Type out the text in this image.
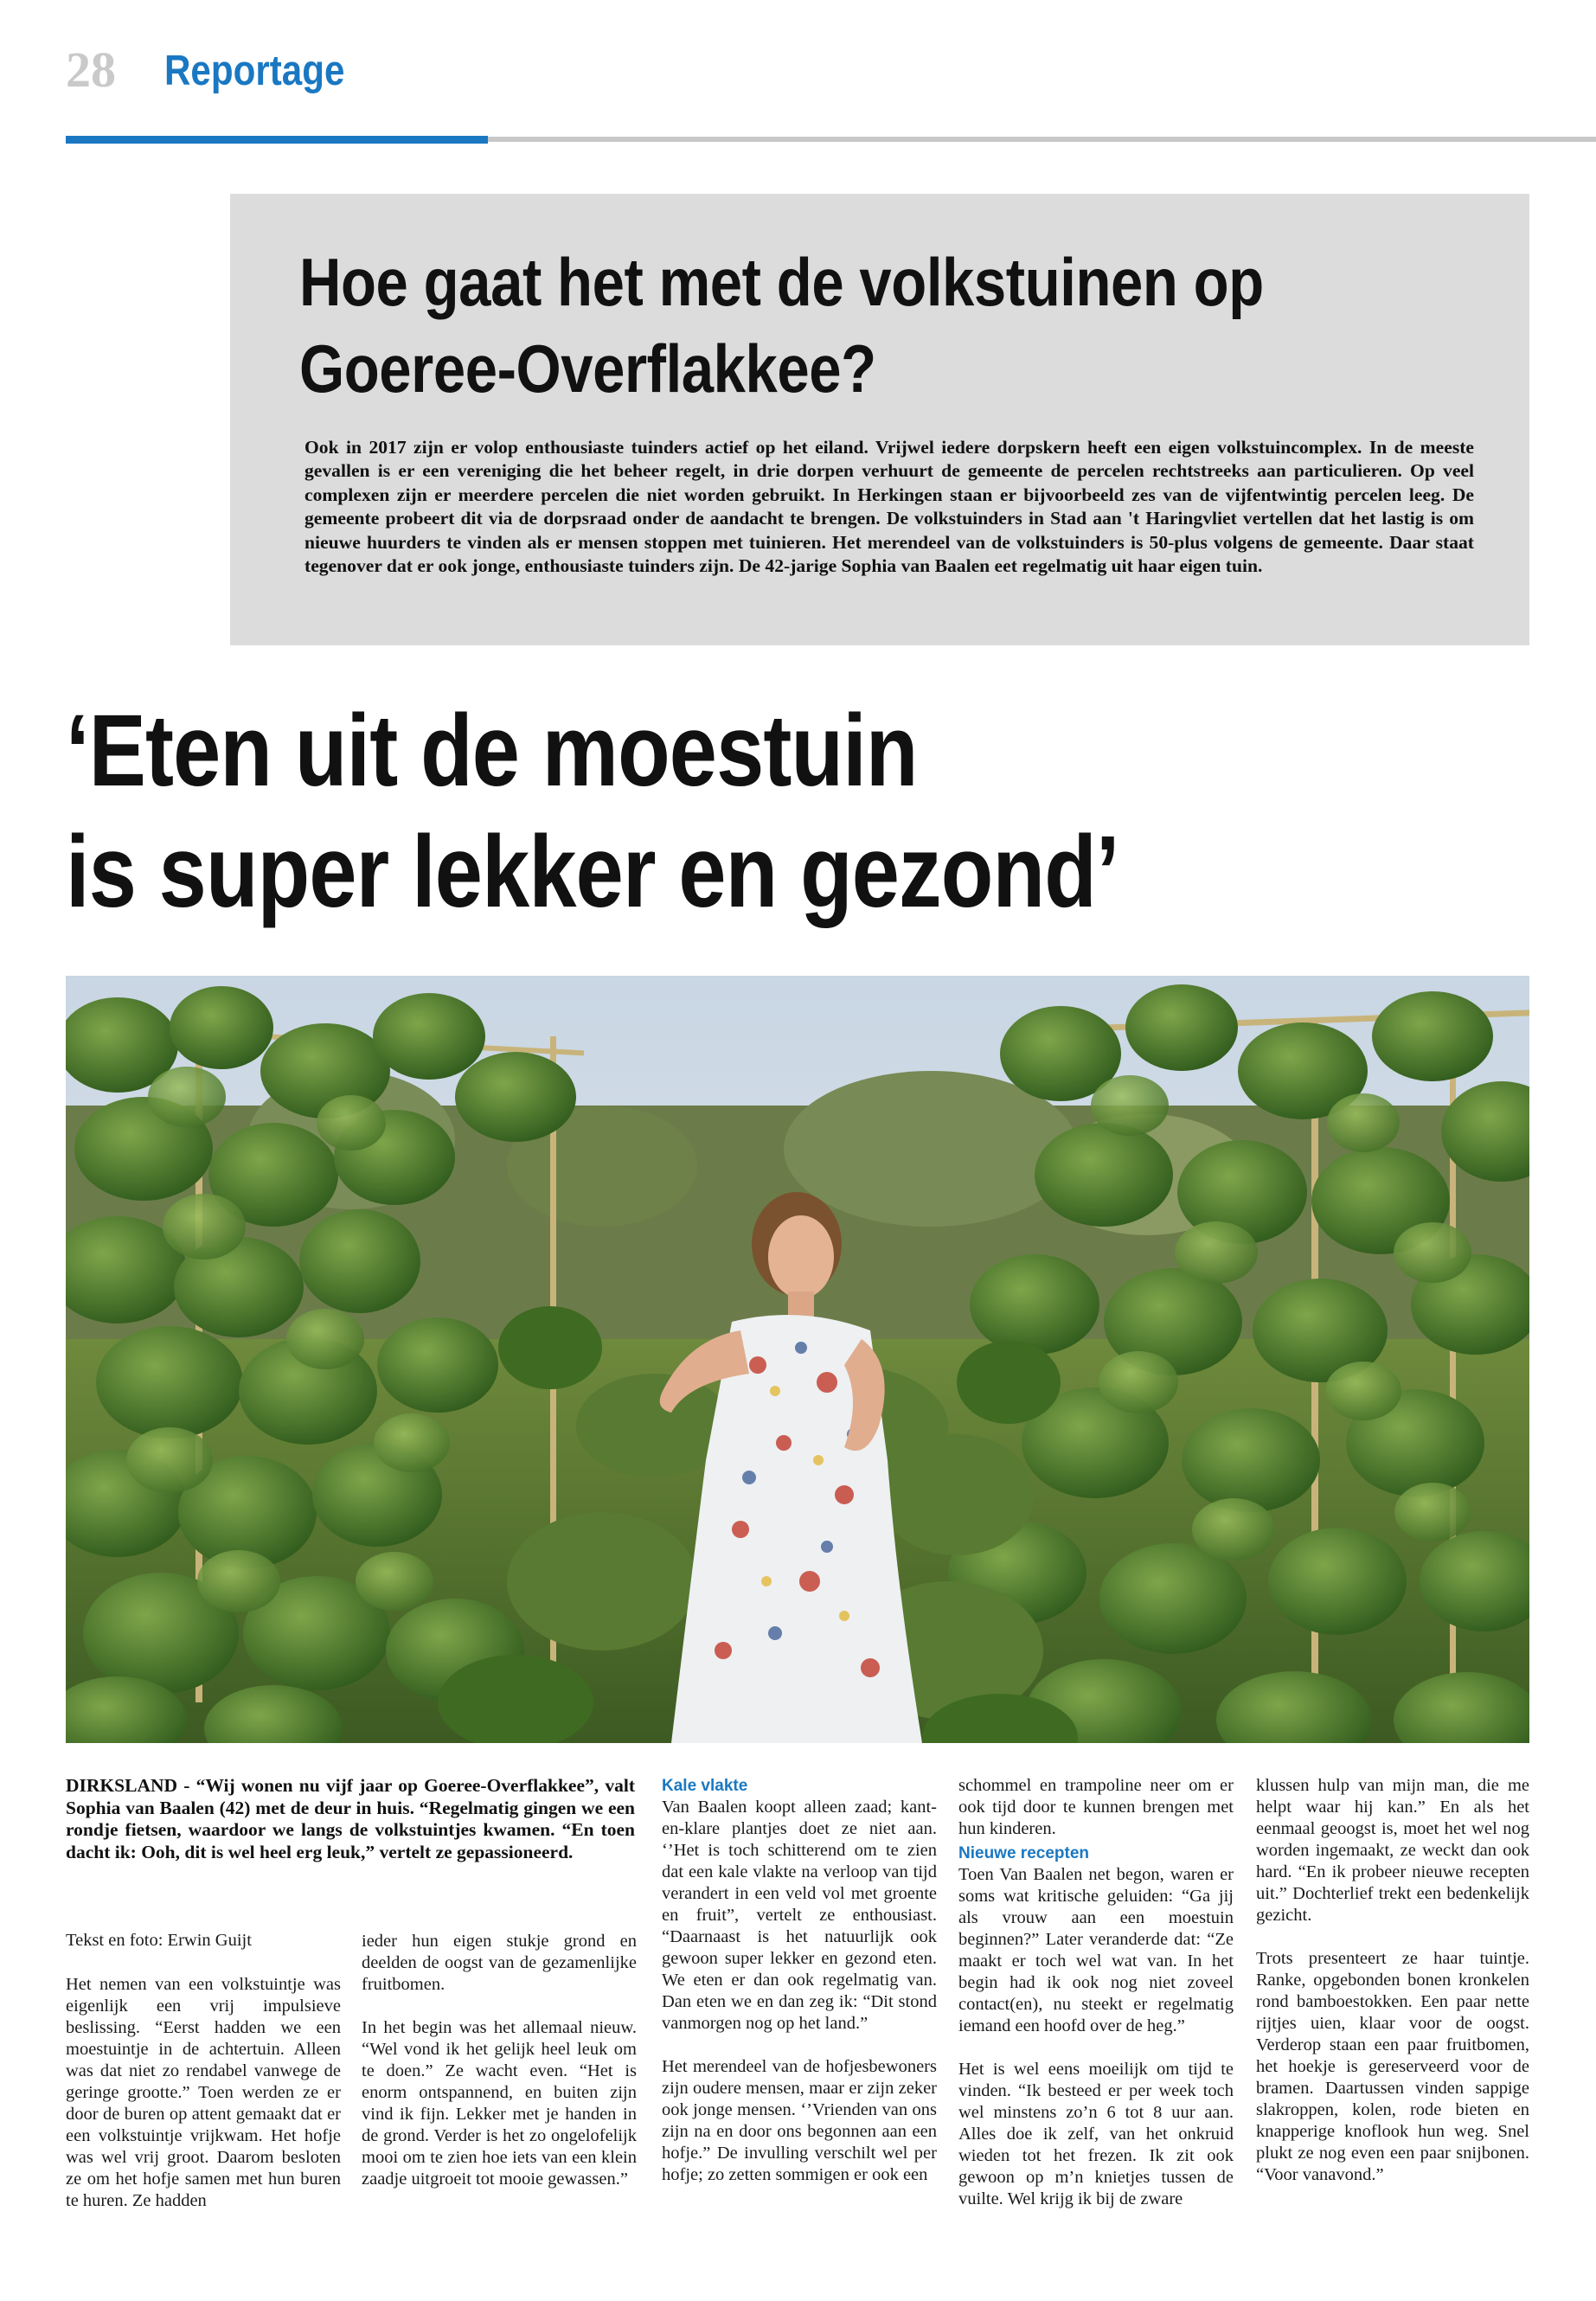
28 Reportage
Hoe gaat het met de volkstuinen op Goeree-Overflakkee?

Ook in 2017 zijn er volop enthousiaste tuinders actief op het eiland. Vrijwel iedere dorpskern heeft een eigen volkstuincomplex. In de meeste gevallen is er een vereniging die het beheer regelt, in drie dorpen verhuurt de gemeente de percelen rechtstreeks aan particulieren. Op veel complexen zijn er meerdere percelen die niet worden gebruikt. In Herkingen staan er bijvoorbeeld zes van de vijfentwintig percelen leeg. De gemeente probeert dit via de dorpsraad onder de aandacht te brengen. De volkstuinders in Stad aan 't Haringvliet vertellen dat het lastig is om nieuwe huurders te vinden als er mensen stoppen met tuinieren. Het merendeel van de volkstuinders is 50-plus volgens de gemeente. Daar staat tegenover dat er ook jonge, enthousiaste tuinders zijn. De 42-jarige Sophia van Baalen eet regelmatig uit haar eigen tuin.

‘Eten uit de moestuin
is super lekker en gezond’
DIRKSLAND - “Wij wonen nu vijf jaar op Goeree-Overflakkee”, valt Sophia van Baalen (42) met de deur in huis. “Regelmatig gingen we een rondje fietsen, waardoor we langs de volkstuintjes kwamen. “En toen dacht ik: Ooh, dit is wel heel erg leuk,” vertelt ze gepassioneerd.
Tekst en foto: Erwin Guijt

Het nemen van een volkstuintje was eigenlijk een vrij impulsieve beslissing. “Eerst hadden we een moestuintje in de achtertuin. Alleen was dat niet zo rendabel vanwege de geringe grootte.” Toen werden ze er door de buren op attent gemaakt dat er een volkstuintje vrijkwam. Het hofje was wel vrij groot. Daarom besloten ze om het hofje samen met hun buren te huren. Ze hadden

ieder hun eigen stukje grond en deelden de oogst van de gezamenlijke fruitbomen.

In het begin was het allemaal nieuw. “Wel vond ik het gelijk heel leuk om te doen.” Ze wacht even. “Het is enorm ontspannend, en buiten zijn vind ik fijn. Lekker met je handen in de grond. Verder is het zo ongelofelijk mooi om te zien hoe iets van een klein zaadje uitgroeit tot mooie gewassen.”

Kale vlakte

Van Baalen koopt alleen zaad; kant-en-klare plantjes doet ze niet aan. ‘’Het is toch schitterend om te zien dat een kale vlakte na verloop van tijd verandert in een veld vol met groente en fruit”, vertelt ze enthousiast. “Daarnaast is het natuurlijk ook gewoon super lekker en gezond eten. We eten er dan ook regelmatig van. Dan eten we en dan zeg ik: “Dit stond vanmorgen nog op het land.”

Het merendeel van de hofjesbewoners zijn oudere mensen, maar er zijn zeker ook jonge mensen. ‘’Vrienden van ons zijn na en door ons begonnen aan een hofje.” De invulling verschilt wel per hofje; zo zetten sommigen er ook een

schommel en trampoline neer om er ook tijd door te kunnen brengen met hun kinderen.

Nieuwe recepten

Toen Van Baalen net begon, waren er soms wat kritische geluiden: “Ga jij als vrouw aan een moestuin beginnen?” Later veranderde dat: “Ze maakt er toch wel wat van. In het begin had ik ook nog niet zoveel contact(en), nu steekt er regelmatig iemand een hoofd over de heg.”

Het is wel eens moeilijk om tijd te vinden. “Ik besteed er per week toch wel minstens zo’n 6 tot 8 uur aan. Alles doe ik zelf, van het onkruid wieden tot het frezen. Ik zit ook gewoon op m’n knietjes tussen de vuilte. Wel krijg ik bij de zware

klussen hulp van mijn man, die me helpt waar hij kan.” En als het eenmaal geoogst is, moet het wel nog worden ingemaakt, ze weckt dan ook hard. “En ik probeer nieuwe recepten uit.” Dochterlief trekt een bedenkelijk gezicht.

Trots presenteert ze haar tuintje. Ranke, opgebonden bonen kronkelen rond bamboestokken. Een paar nette rijtjes uien, klaar voor de oogst. Verderop staan een paar fruitbomen, het hoekje is gereserveerd voor de bramen. Daartussen vinden sappige slakroppen, kolen, rode bieten en knapperige knoflook hun weg. Snel plukt ze nog even een paar snijbonen. “Voor vanavond.”
